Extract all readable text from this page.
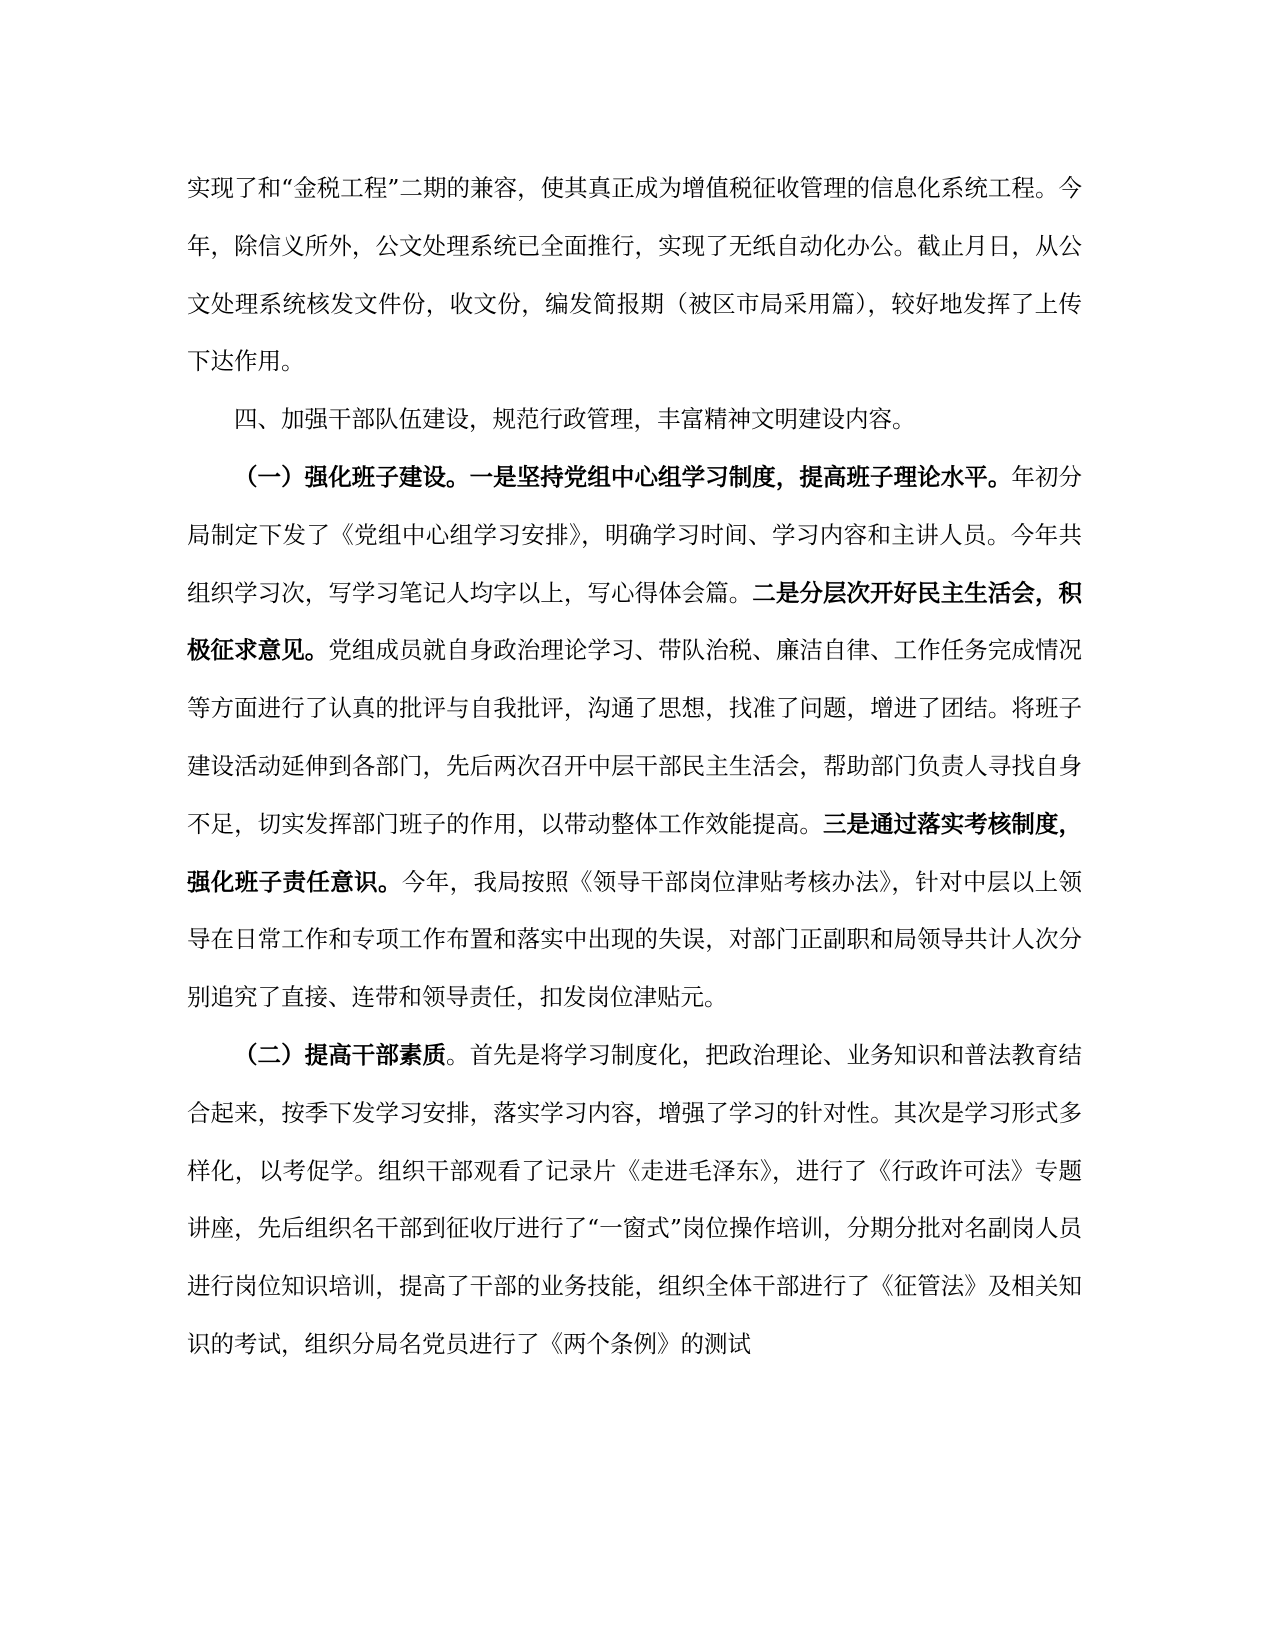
实现了和“金税工程”二期的兼容，使其真正成为增值税征收管理的信息化系统工程。今年，除信义所外，公文处理系统已全面推行，实现了无纸自动化办公。截止月日，从公文处理系统核发文件份，收文份，编发简报期（被区市局采用篇），较好地发挥了上传下达作用。

四、加强干部队伍建设，规范行政管理，丰富精神文明建设内容。

（一）强化班子建设。一是坚持党组中心组学习制度，提高班子理论水平。年初分局制定下发了《党组中心组学习安排》，明确学习时间、学习内容和主讲人员。今年共组织学习次，写学习笔记人均字以上，写心得体会篇。二是分层次开好民主生活会，积极征求意见。党组成员就自身政治理论学习、带队治税、廉洁自律、工作任务完成情况等方面进行了认真的批评与自我批评，沟通了思想，找准了问题，增进了团结。将班子建设活动延伸到各部门，先后两次召开中层干部民主生活会，帮助部门负责人寻找自身不足，切实发挥部门班子的作用，以带动整体工作效能提高。三是通过落实考核制度，强化班子责任意识。今年，我局按照《领导干部岗位津贴考核办法》，针对中层以上领导在日常工作和专项工作布置和落实中出现的失误，对部门正副职和局领导共计人次分别追究了直接、连带和领导责任，扣发岗位津贴元。

（二）提高干部素质。首先是将学习制度化，把政治理论、业务知识和普法教育结合起来，按季下发学习安排，落实学习内容，增强了学习的针对性。其次是学习形式多样化，以考促学。组织干部观看了记录片《走进毛泽东》，进行了《行政许可法》专题讲座，先后组织名干部到征收厅进行了“一窗式”岗位操作培训，分期分批对名副岗人员进行岗位知识培训，提高了干部的业务技能，组织全体干部进行了《征管法》及相关知识的考试，组织分局名党员进行了《两个条例》的测试
